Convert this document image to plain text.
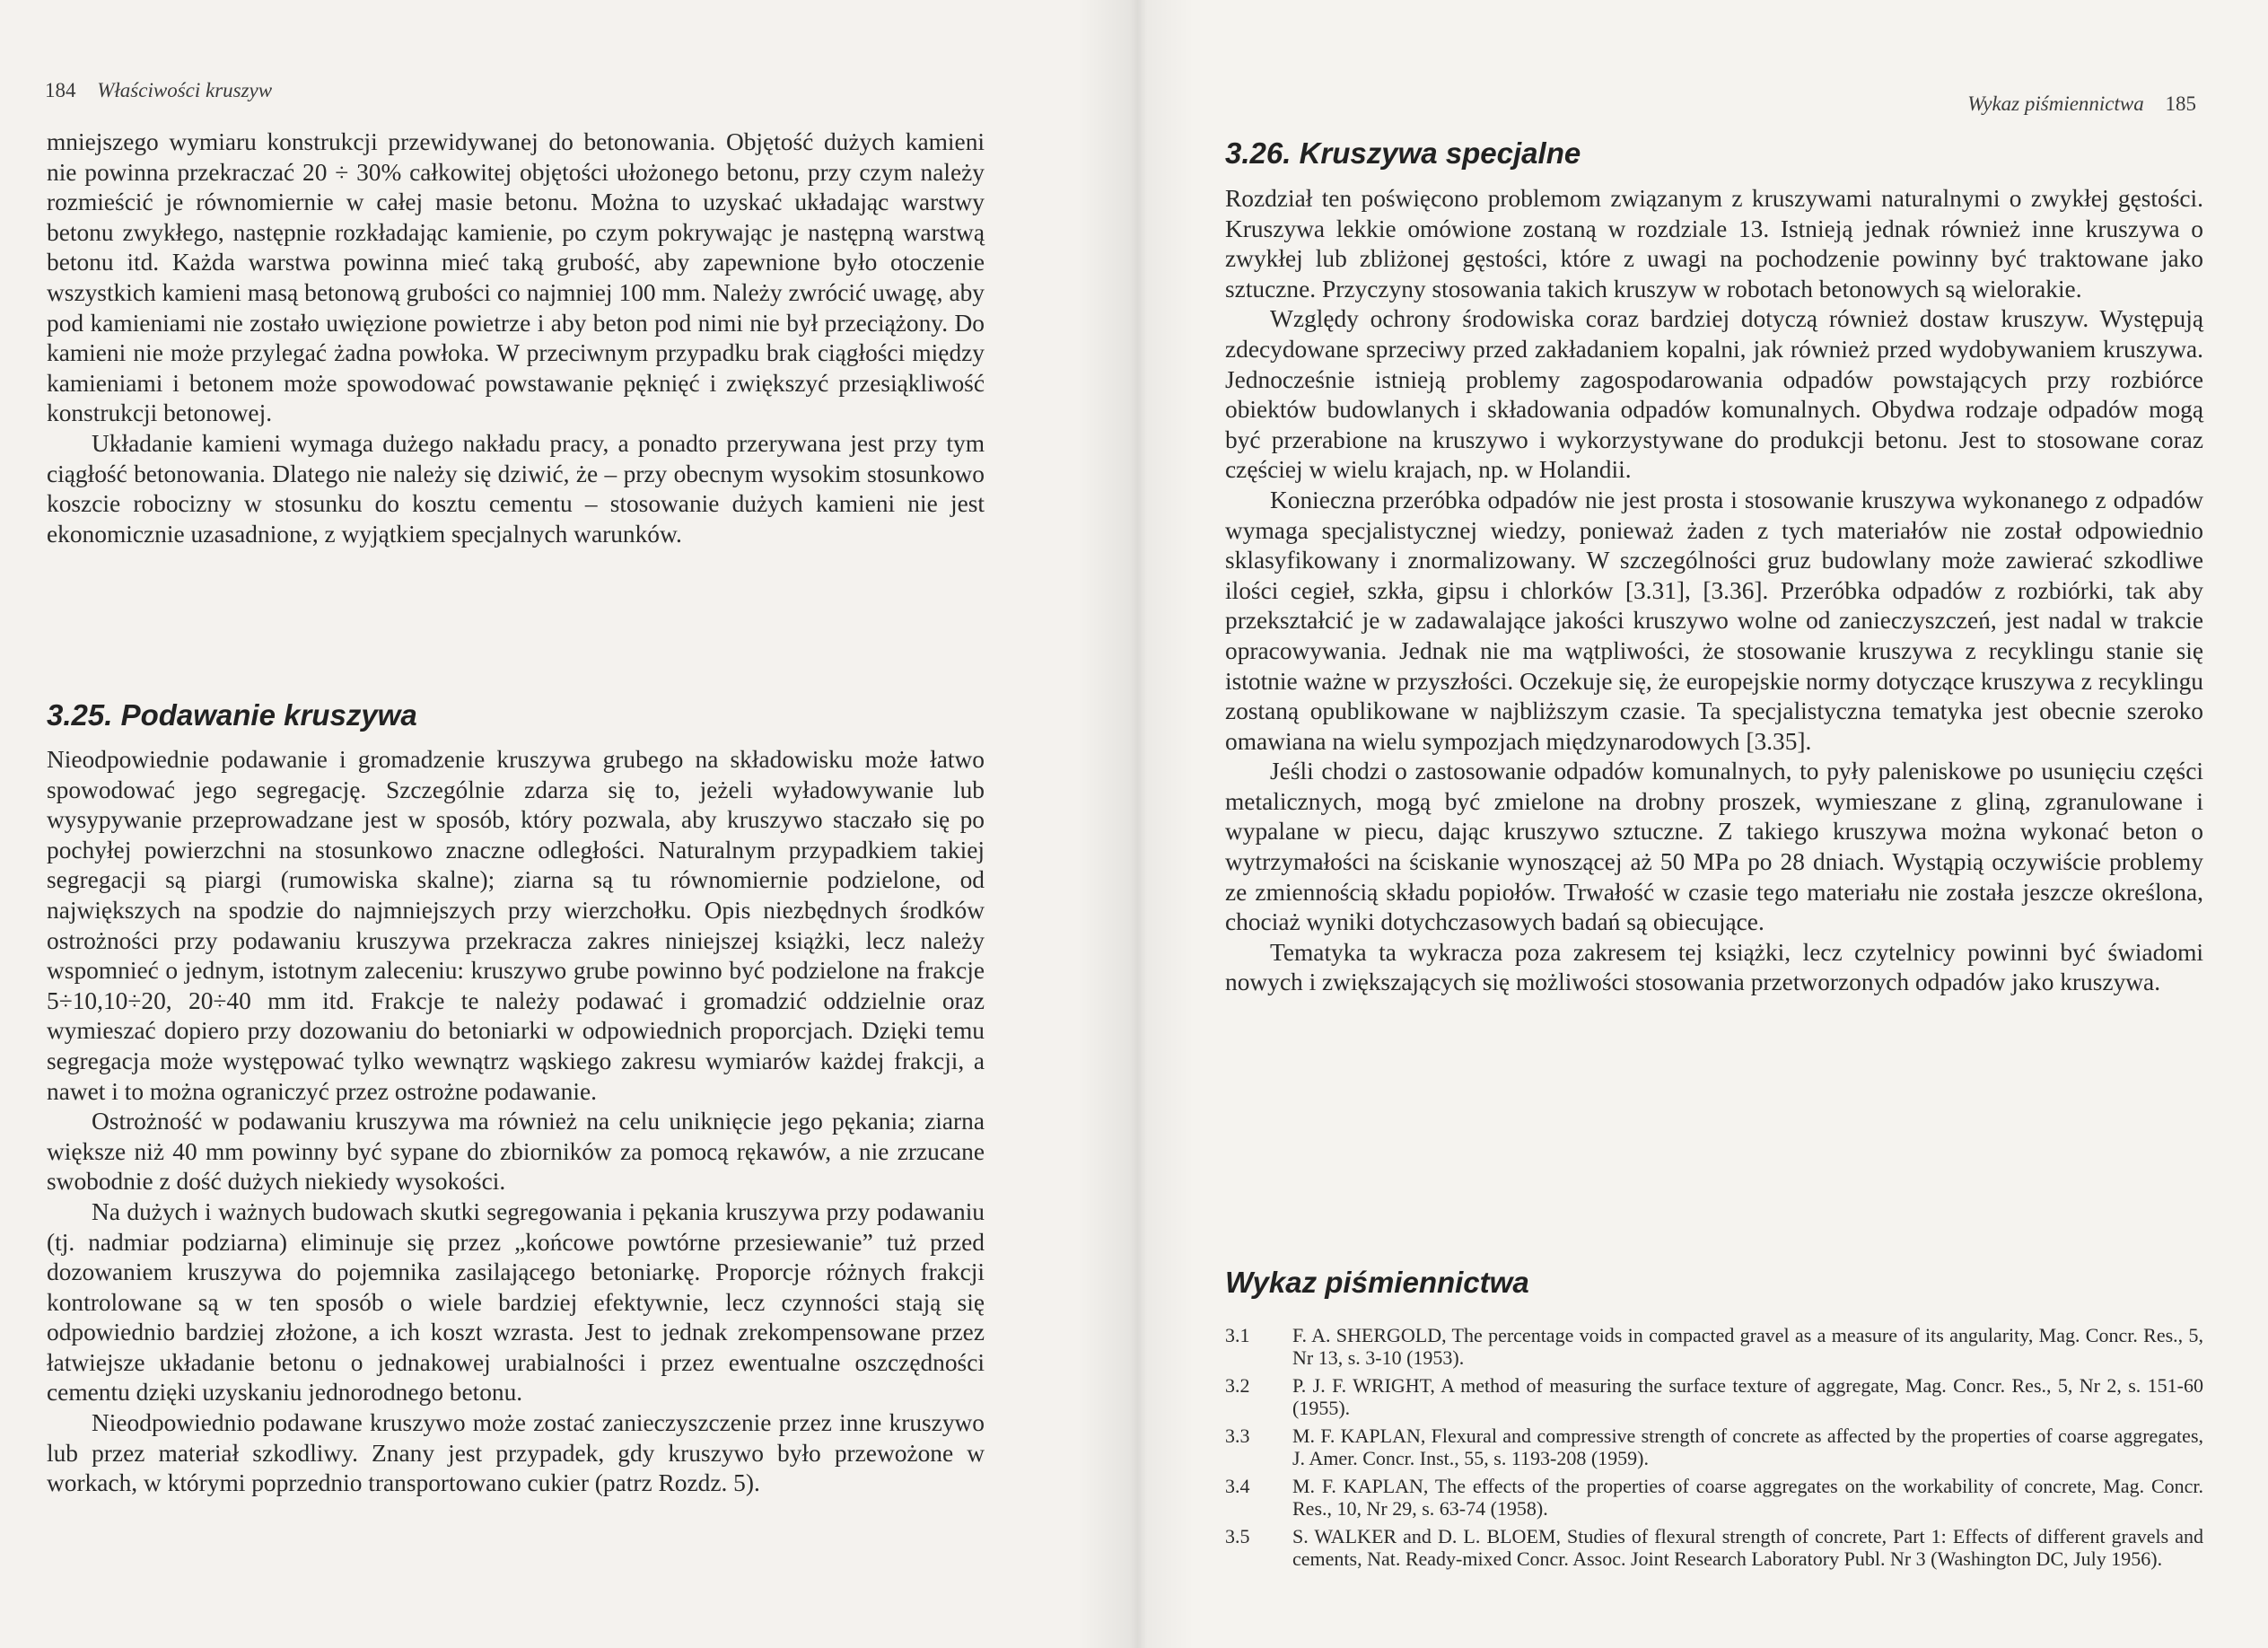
184 Właściwości kruszyw

mniejszego wymiaru konstrukcji przewidywanej do betonowania. Objętość dużych kamieni nie powinna przekraczać 20 ÷ 30% całkowitej objętości ułożonego betonu, przy czym należy rozmieścić je równomiernie w całej masie betonu. Można to uzyskać układając warstwy betonu zwykłego, następnie rozkładając kamienie, po czym pokrywając je następną warstwą betonu itd. Każda warstwa powinna mieć taką grubość, aby zapewnione było otoczenie wszystkich kamieni masą betonową grubości co najmniej 100 mm. Należy zwrócić uwagę, aby pod kamieniami nie zostało uwięzione powietrze i aby beton pod nimi nie był przeciążony. Do kamieni nie może przylegać żadna powłoka. W przeciwnym przypadku brak ciągłości między kamieniami i betonem może spowodować powstawanie pęknięć i zwiększyć przesiąkliwość konstrukcji betonowej.

Układanie kamieni wymaga dużego nakładu pracy, a ponadto przerywana jest przy tym ciągłość betonowania. Dlatego nie należy się dziwić, że – przy obecnym wysokim stosunkowo koszcie robocizny w stosunku do kosztu cementu – stosowanie dużych kamieni nie jest ekonomicznie uzasadnione, z wyjątkiem specjalnych warunków.

3.25. Podawanie kruszywa

Nieodpowiednie podawanie i gromadzenie kruszywa grubego na składowisku może łatwo spowodować jego segregację. Szczególnie zdarza się to, jeżeli wyładowywanie lub wysypywanie przeprowadzane jest w sposób, który pozwala, aby kruszywo staczało się po pochyłej powierzchni na stosunkowo znaczne odległości. Naturalnym przypadkiem takiej segregacji są piargi (rumowiska skalne); ziarna są tu równomiernie podzielone, od największych na spodzie do najmniejszych przy wierzchołku. Opis niezbędnych środków ostrożności przy podawaniu kruszywa przekracza zakres niniejszej książki, lecz należy wspomnieć o jednym, istotnym zaleceniu: kruszywo grube powinno być podzielone na frakcje 5÷10,10÷20, 20÷40 mm itd. Frakcje te należy podawać i gromadzić oddzielnie oraz wymieszać dopiero przy dozowaniu do betoniarki w odpowiednich proporcjach. Dzięki temu segregacja może występować tylko wewnątrz wąskiego zakresu wymiarów każdej frakcji, a nawet i to można ograniczyć przez ostrożne podawanie.

Ostrożność w podawaniu kruszywa ma również na celu uniknięcie jego pękania; ziarna większe niż 40 mm powinny być sypane do zbiorników za pomocą rękawów, a nie zrzucane swobodnie z dość dużych niekiedy wysokości.

Na dużych i ważnych budowach skutki segregowania i pękania kruszywa przy podawaniu (tj. nadmiar podziarna) eliminuje się przez „końcowe powtórne przesiewanie” tuż przed dozowaniem kruszywa do pojemnika zasilającego betoniarkę. Proporcje różnych frakcji kontrolowane są w ten sposób o wiele bardziej efektywnie, lecz czynności stają się odpowiednio bardziej złożone, a ich koszt wzrasta. Jest to jednak zrekompensowane przez łatwiejsze układanie betonu o jednakowej urabialności i przez ewentualne oszczędności cementu dzięki uzyskaniu jednorodnego betonu.

Nieodpowiednio podawane kruszywo może zostać zanieczyszczenie przez inne kruszywo lub przez materiał szkodliwy. Znany jest przypadek, gdy kruszywo było przewożone w workach, w którymi poprzednio transportowano cukier (patrz Rozdz. 5).

Wykaz piśmiennictwa 185
3.26. Kruszywa specjalne

Rozdział ten poświęcono problemom związanym z kruszywami naturalnymi o zwykłej gęstości. Kruszywa lekkie omówione zostaną w rozdziale 13. Istnieją jednak również inne kruszywa o zwykłej lub zbliżonej gęstości, które z uwagi na pochodzenie powinny być traktowane jako sztuczne. Przyczyny stosowania takich kruszyw w robotach betonowych są wielorakie.

Względy ochrony środowiska coraz bardziej dotyczą również dostaw kruszyw. Występują zdecydowane sprzeciwy przed zakładaniem kopalni, jak również przed wydobywaniem kruszywa. Jednocześnie istnieją problemy zagospodarowania odpadów powstających przy rozbiórce obiektów budowlanych i składowania odpadów komunalnych. Obydwa rodzaje odpadów mogą być przerabione na kruszywo i wykorzystywane do produkcji betonu. Jest to stosowane coraz częściej w wielu krajach, np. w Holandii.

Konieczna przeróbka odpadów nie jest prosta i stosowanie kruszywa wykonanego z odpadów wymaga specjalistycznej wiedzy, ponieważ żaden z tych materiałów nie został odpowiednio sklasyfikowany i znormalizowany. W szczególności gruz budowlany może zawierać szkodliwe ilości cegieł, szkła, gipsu i chlorków [3.31], [3.36]. Przeróbka odpadów z rozbiórki, tak aby przekształcić je w zadawalające jakości kruszywo wolne od zanieczyszczeń, jest nadal w trakcie opracowywania. Jednak nie ma wątpliwości, że stosowanie kruszywa z recyklingu stanie się istotnie ważne w przyszłości. Oczekuje się, że europejskie normy dotyczące kruszywa z recyklingu zostaną opublikowane w najbliższym czasie. Ta specjalistyczna tematyka jest obecnie szeroko omawiana na wielu sympozjach międzynarodowych [3.35].

Jeśli chodzi o zastosowanie odpadów komunalnych, to pyły paleniskowe po usunięciu części metalicznych, mogą być zmielone na drobny proszek, wymieszane z gliną, zgranulowane i wypalane w piecu, dając kruszywo sztuczne. Z takiego kruszywa można wykonać beton o wytrzymałości na ściskanie wynoszącej aż 50 MPa po 28 dniach. Wystąpią oczywiście problemy ze zmiennością składu popiołów. Trwałość w czasie tego materiału nie została jeszcze określona, chociaż wyniki dotychczasowych badań są obiecujące.

Tematyka ta wykracza poza zakresem tej książki, lecz czytelnicy powinni być świadomi nowych i zwiększających się możliwości stosowania przetworzonych odpadów jako kruszywa.

Wykaz piśmiennictwa
3.1	F. A. SHERGOLD, The percentage voids in compacted gravel as a measure of its angularity, Mag. Concr. Res., 5, Nr 13, s. 3-10 (1953).
3.2	P. J. F. WRIGHT, A method of measuring the surface texture of aggregate, Mag. Concr. Res., 5, Nr 2, s. 151-60 (1955).
3.3	M. F. KAPLAN, Flexural and compressive strength of concrete as affected by the properties of coarse aggregates, J. Amer. Concr. Inst., 55, s. 1193-208 (1959).
3.4	M. F. KAPLAN, The effects of the properties of coarse aggregates on the workability of concrete, Mag. Concr. Res., 10, Nr 29, s. 63-74 (1958).
3.5	S. WALKER and D. L. BLOEM, Studies of flexural strength of concrete, Part 1: Effects of different gravels and cements, Nat. Ready-mixed Concr. Assoc. Joint Research Laboratory Publ. Nr 3 (Washington DC, July 1956).
